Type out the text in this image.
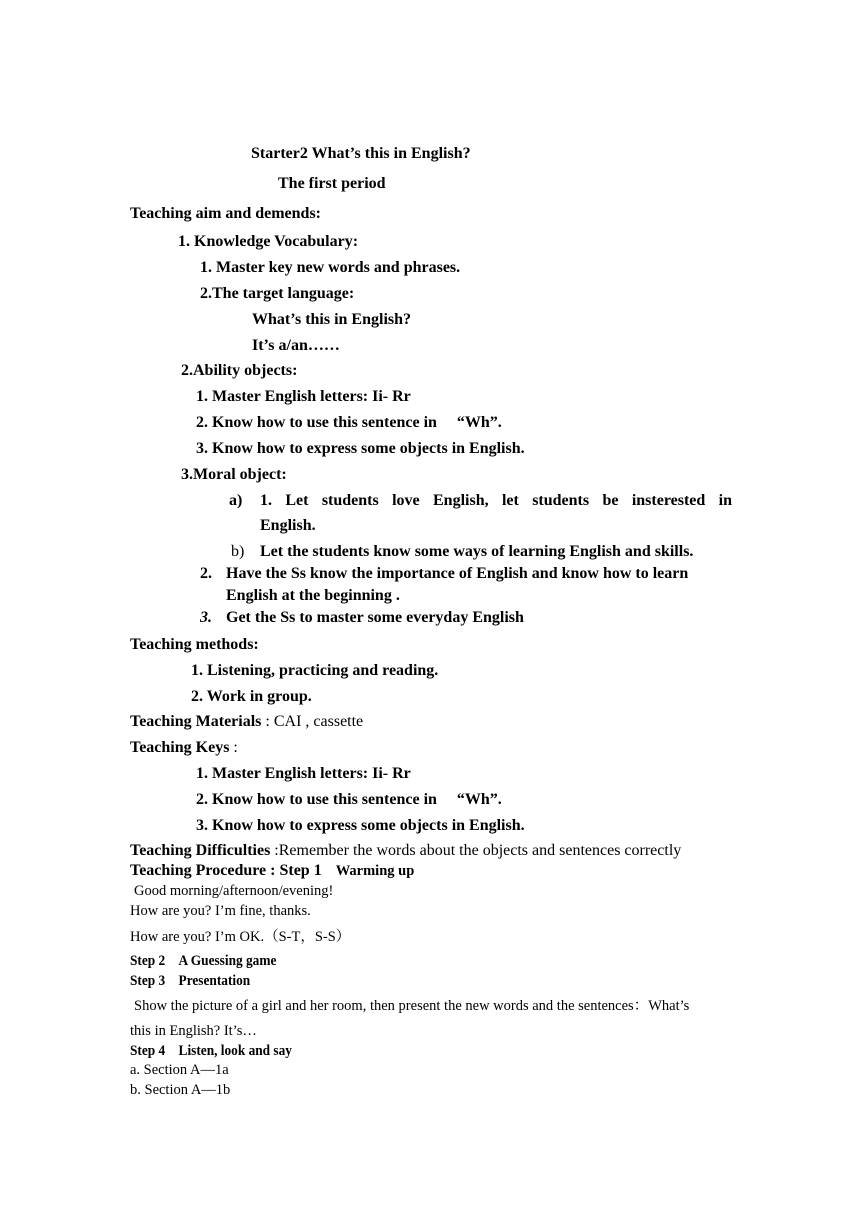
Starter2 What’s this in English?
The first period
Teaching aim and demends:
1. Knowledge Vocabulary:
1. Master key new words and phrases.
2.The target language:
What’s this in English?
It’s a/an……
2.Ability objects:
1. Master English letters: Ii- Rr
2. Know how to use this sentence in 　“Wh”.
3. Know how to express some objects in English.
3.Moral object:
a) 1. Let students love English, let students be insterested in
English.
b) Let the students know some ways of learning English and skills.
2. Have the Ss know the importance of English and know how to learn
English at the beginning .
3. Get the Ss to master some everyday English
Teaching methods:
1. Listening, practicing and reading.
2. Work in group.
Teaching Materials : CAI , cassette
Teaching Keys :
1. Master English letters: Ii- Rr
2. Know how to use this sentence in 　“Wh”.
3. Know how to express some objects in English.
Teaching Difficulties :Remember the words about the objects and sentences correctly
Teaching Procedure : Step 1 Warming up
Good morning/afternoon/evening!
How are you? I’m fine, thanks.
How are you? I’m OK.（S-T，S-S）
Step 2　A Guessing game
Step 3　Presentation
Show the picture of a girl and her room, then present the new words and the sentences：What’s
this in English? It’s…
Step 4　Listen, look and say
a. Section A—1a
b. Section A—1b
